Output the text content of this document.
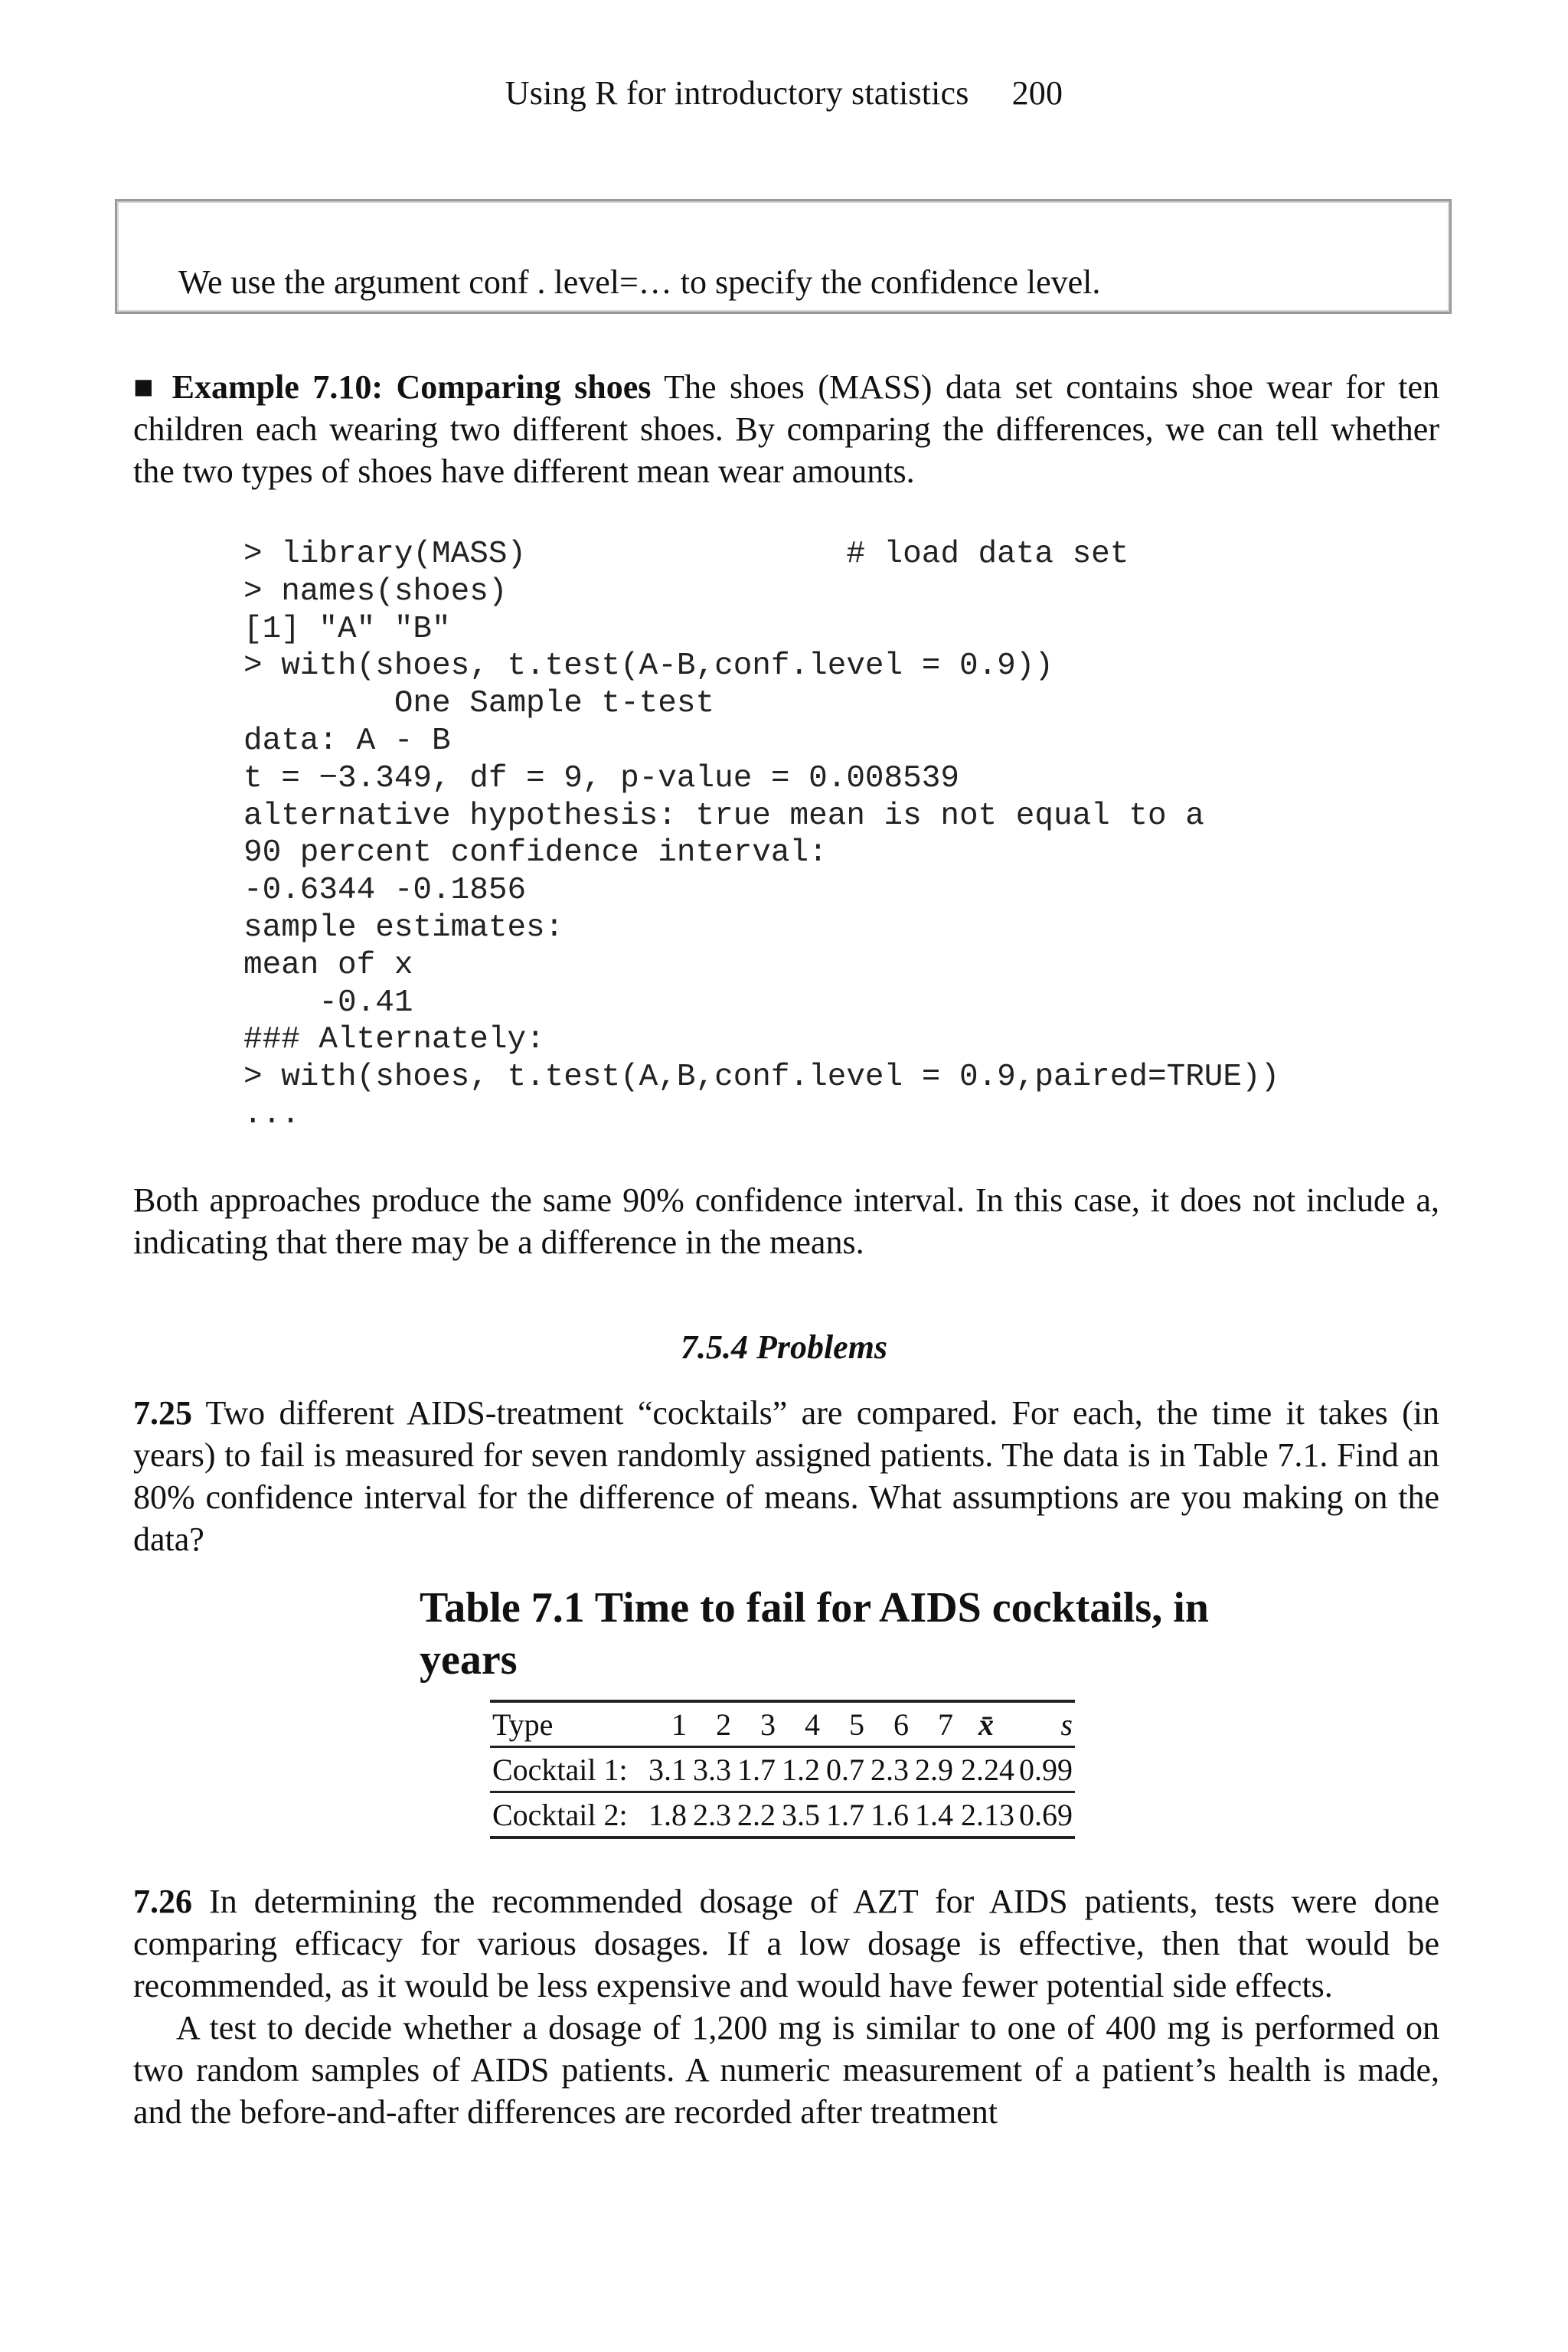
Using R for introductory statistics 200
We use the argument conf . level=… to specify the confidence level.
■ Example 7.10: Comparing shoes The shoes (MASS) data set contains shoe wear for ten children each wearing two different shoes. By comparing the differences, we can tell whether the two types of shoes have different mean wear amounts.
> library(MASS)                 # load data set
> names(shoes)
[1] "A" "B"
> with(shoes, t.test(A-B,conf.level = 0.9))
One Sample t-test
data: A - B
t = −3.349, df = 9, p-value = 0.008539
alternative hypothesis: true mean is not equal to a
90 percent confidence interval:
-0.6344 -0.1856
sample estimates:
mean of x
-0.41
### Alternately:
> with(shoes, t.test(A,B,conf.level = 0.9,paired=TRUE))
...
Both approaches produce the same 90% confidence interval. In this case, it does not include a, indicating that there may be a difference in the means.
7.5.4 Problems
7.25 Two different AIDS-treatment “cocktails” are compared. For each, the time it takes (in years) to fail is measured for seven randomly assigned patients. The data is in Table 7.1. Find an 80% confidence interval for the difference of means. What assumptions are you making on the data?
Table 7.1 Time to fail for AIDS cocktails, in years
Type	1	2	3	4	5	6	7	x̄	s
Cocktail 1:	3.1	3.3	1.7	1.2	0.7	2.3	2.9	2.24	0.99
Cocktail 2:	1.8	2.3	2.2	3.5	1.7	1.6	1.4	2.13	0.69
7.26 In determining the recommended dosage of AZT for AIDS patients, tests were done comparing efficacy for various dosages. If a low dosage is effective, then that would be recommended, as it would be less expensive and would have fewer potential side effects.
A test to decide whether a dosage of 1,200 mg is similar to one of 400 mg is performed on two random samples of AIDS patients. A numeric measurement of a patient’s health is made, and the before-and-after differences are recorded after treatment
